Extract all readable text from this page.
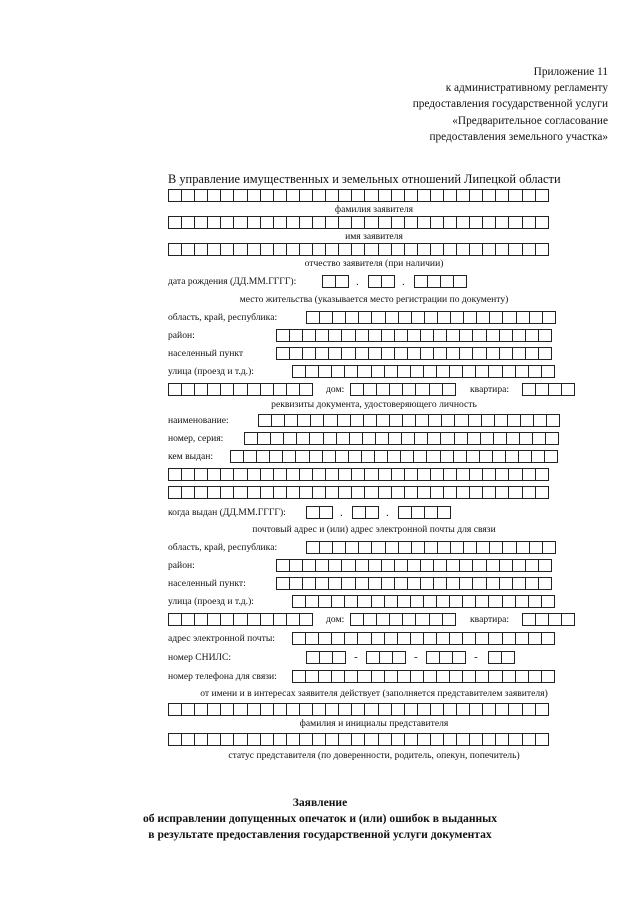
Приложение 11
к административному регламенту
предоставления государственной услуги
«Предварительное согласование
предоставления земельного участка»
В управление имущественных и земельных отношений Липецкой области
фамилия заявителя
имя заявителя
отчество заявителя (при наличии)
дата рождения (ДД.ММ.ГГГГ):	.	.
место жительства (указывается место регистрации по документу)
область, край, республика:
район:
населенный пункт
улица (проезд и т.д.):
дом:	квартира:
реквизиты документа, удостоверяющего личность
наименование:
номер, серия:
кем выдан:
когда выдан (ДД.ММ.ГГГГ):	.	.
почтовый адрес и (или) адрес электронной почты для связи
область, край, республика:
район:
населенный пункт:
улица (проезд и т.д.):
дом:	квартира:
адрес электронной почты:
номер СНИЛС:	-	-	-
номер телефона для связи:
от имени и в интересах заявителя действует (заполняется представителем заявителя)
фамилия и инициалы представителя
статус представителя (по доверенности, родитель, опекун, попечитель)
Заявление
об исправлении допущенных опечаток и (или) ошибок в выданных
в результате предоставления государственной услуги документах
